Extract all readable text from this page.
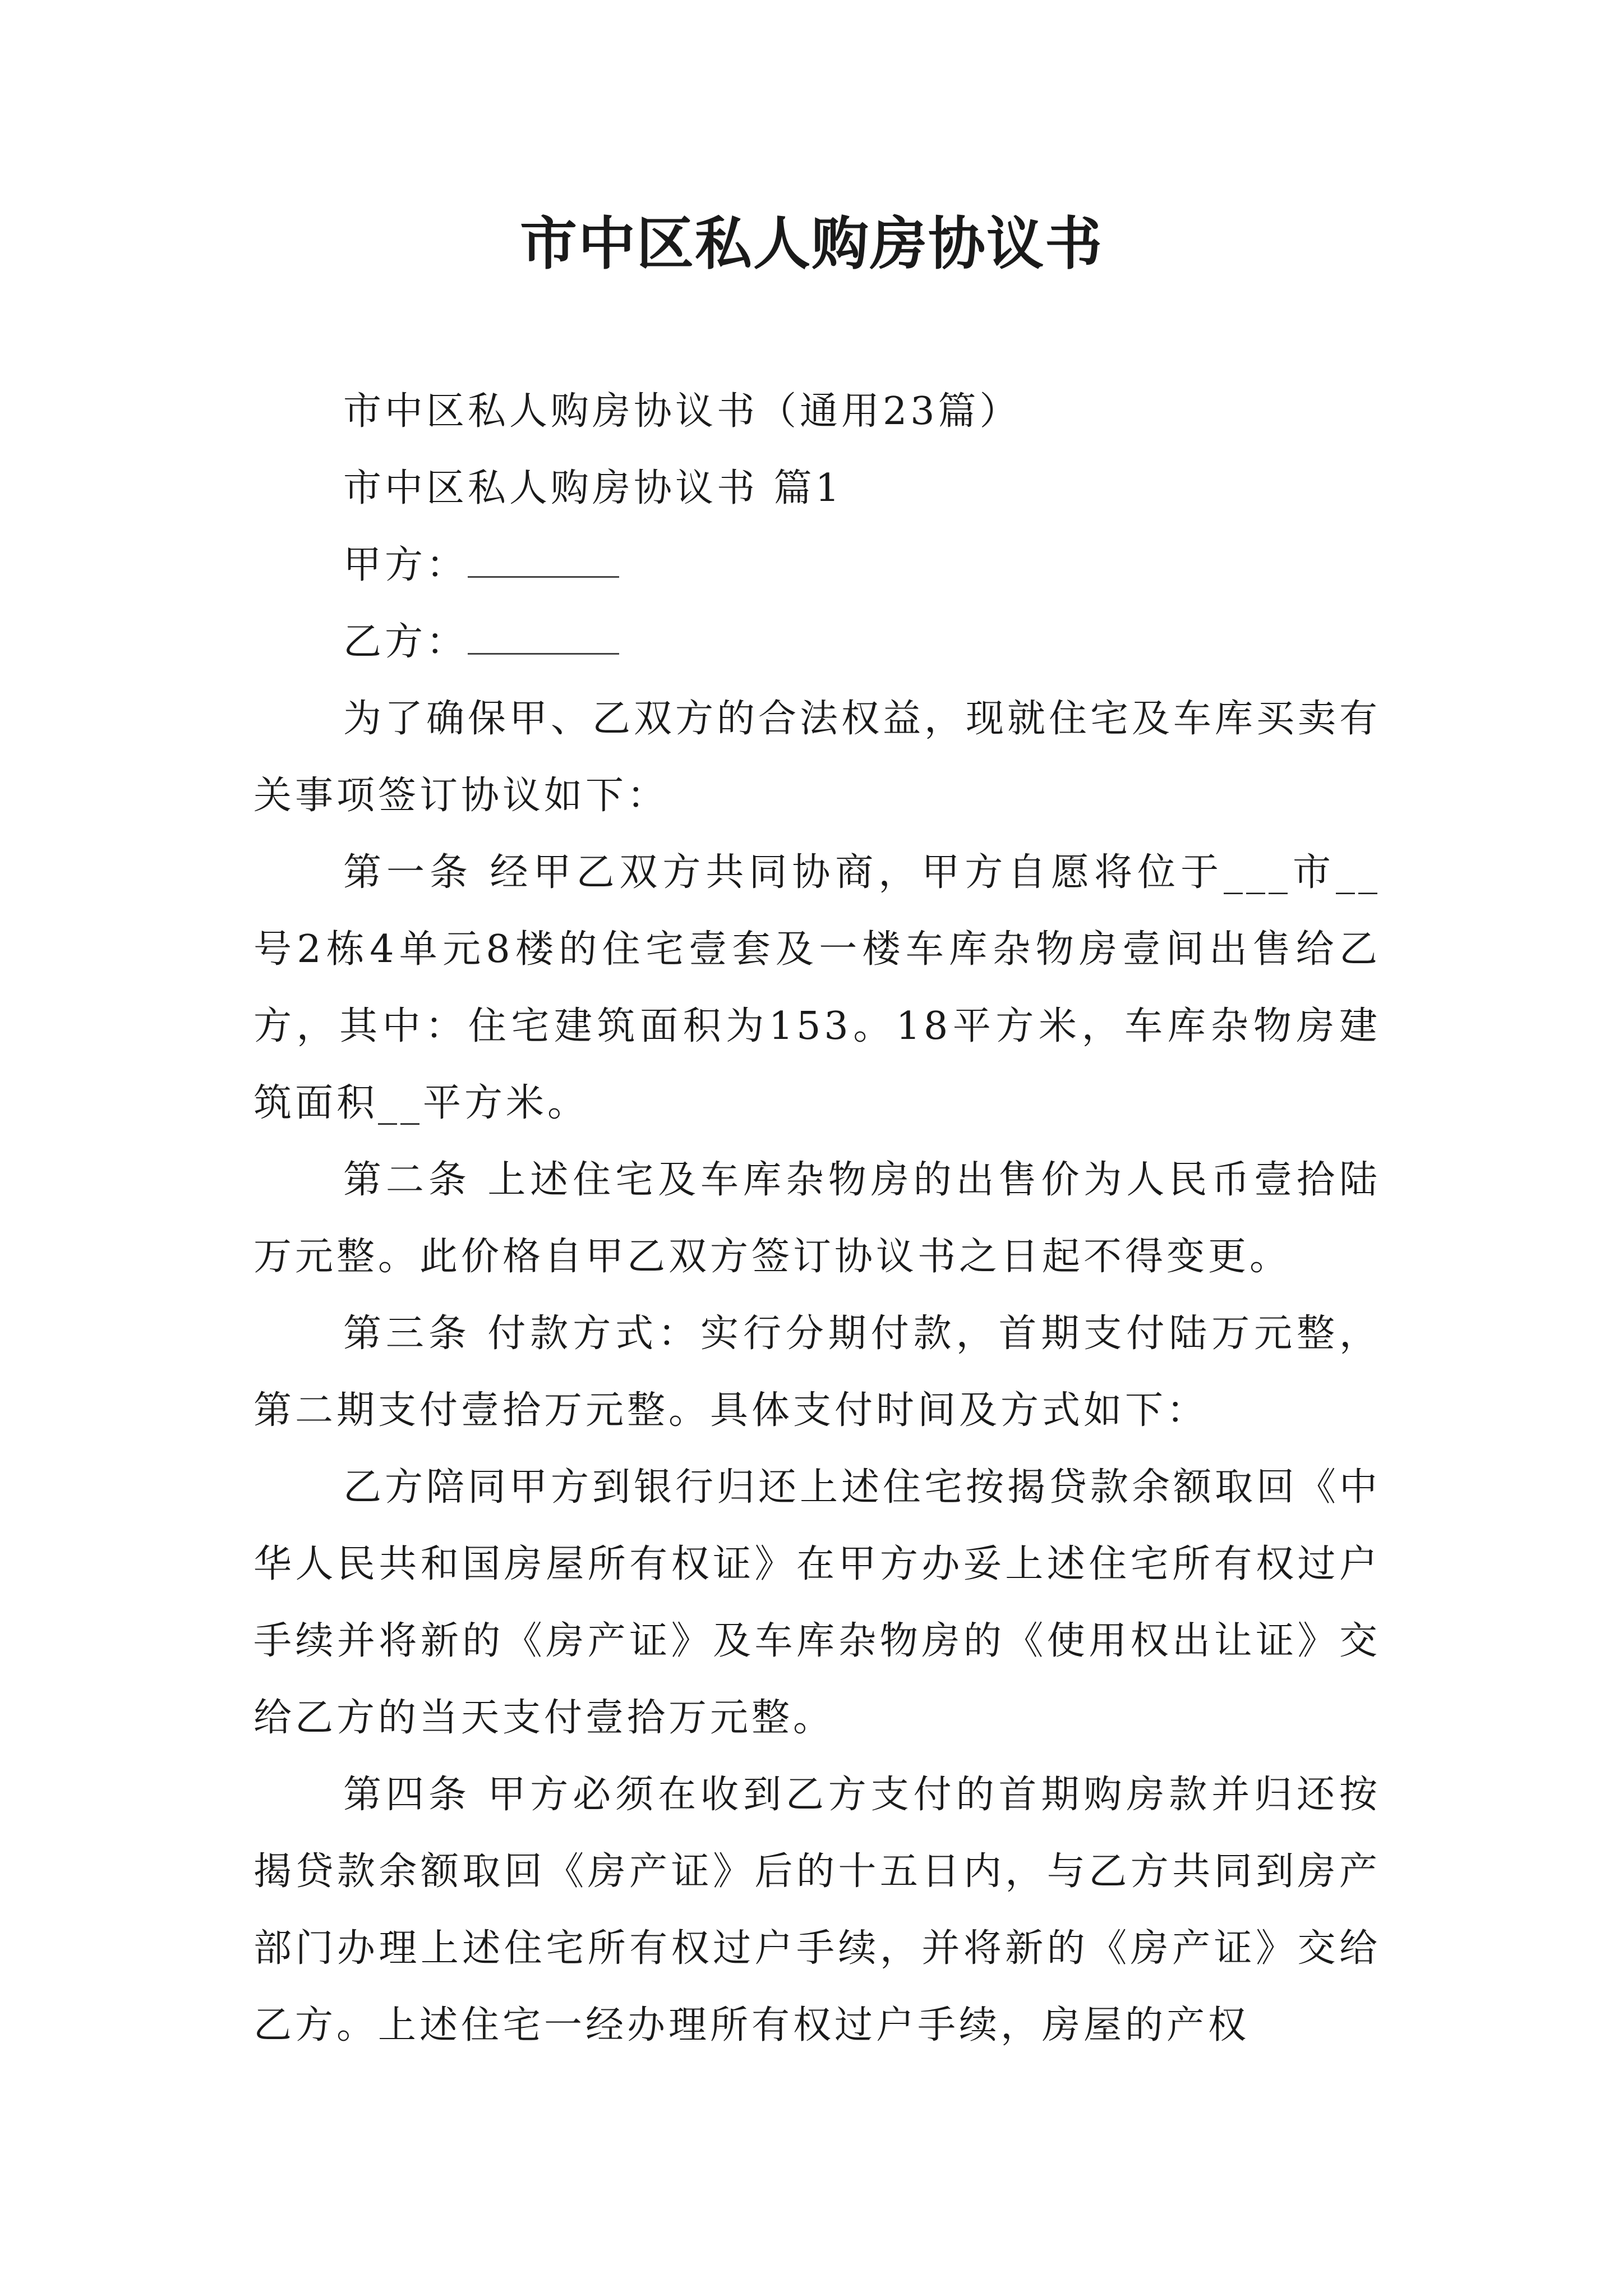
市中区私人购房协议书

市中区私人购房协议书（通用23篇）

市中区私人购房协议书 篇1

甲方：

乙方：

为了确保甲、乙双方的合法权益，现就住宅及车库买卖有关事项签订协议如下：

第一条 经甲乙双方共同协商，甲方自愿将位于___市__号2栋4单元8楼的住宅壹套及一楼车库杂物房壹间出售给乙方，其中：住宅建筑面积为153。18平方米，车库杂物房建筑面积__平方米。

第二条 上述住宅及车库杂物房的出售价为人民币壹拾陆万元整。此价格自甲乙双方签订协议书之日起不得变更。

第三条 付款方式：实行分期付款，首期支付陆万元整，第二期支付壹拾万元整。具体支付时间及方式如下：

乙方陪同甲方到银行归还上述住宅按揭贷款余额取回《中华人民共和国房屋所有权证》在甲方办妥上述住宅所有权过户手续并将新的《房产证》及车库杂物房的《使用权出让证》交给乙方的当天支付壹拾万元整。

第四条 甲方必须在收到乙方支付的首期购房款并归还按揭贷款余额取回《房产证》后的十五日内，与乙方共同到房产部门办理上述住宅所有权过户手续，并将新的《房产证》交给乙方。上述住宅一经办理所有权过户手续，房屋的产权
